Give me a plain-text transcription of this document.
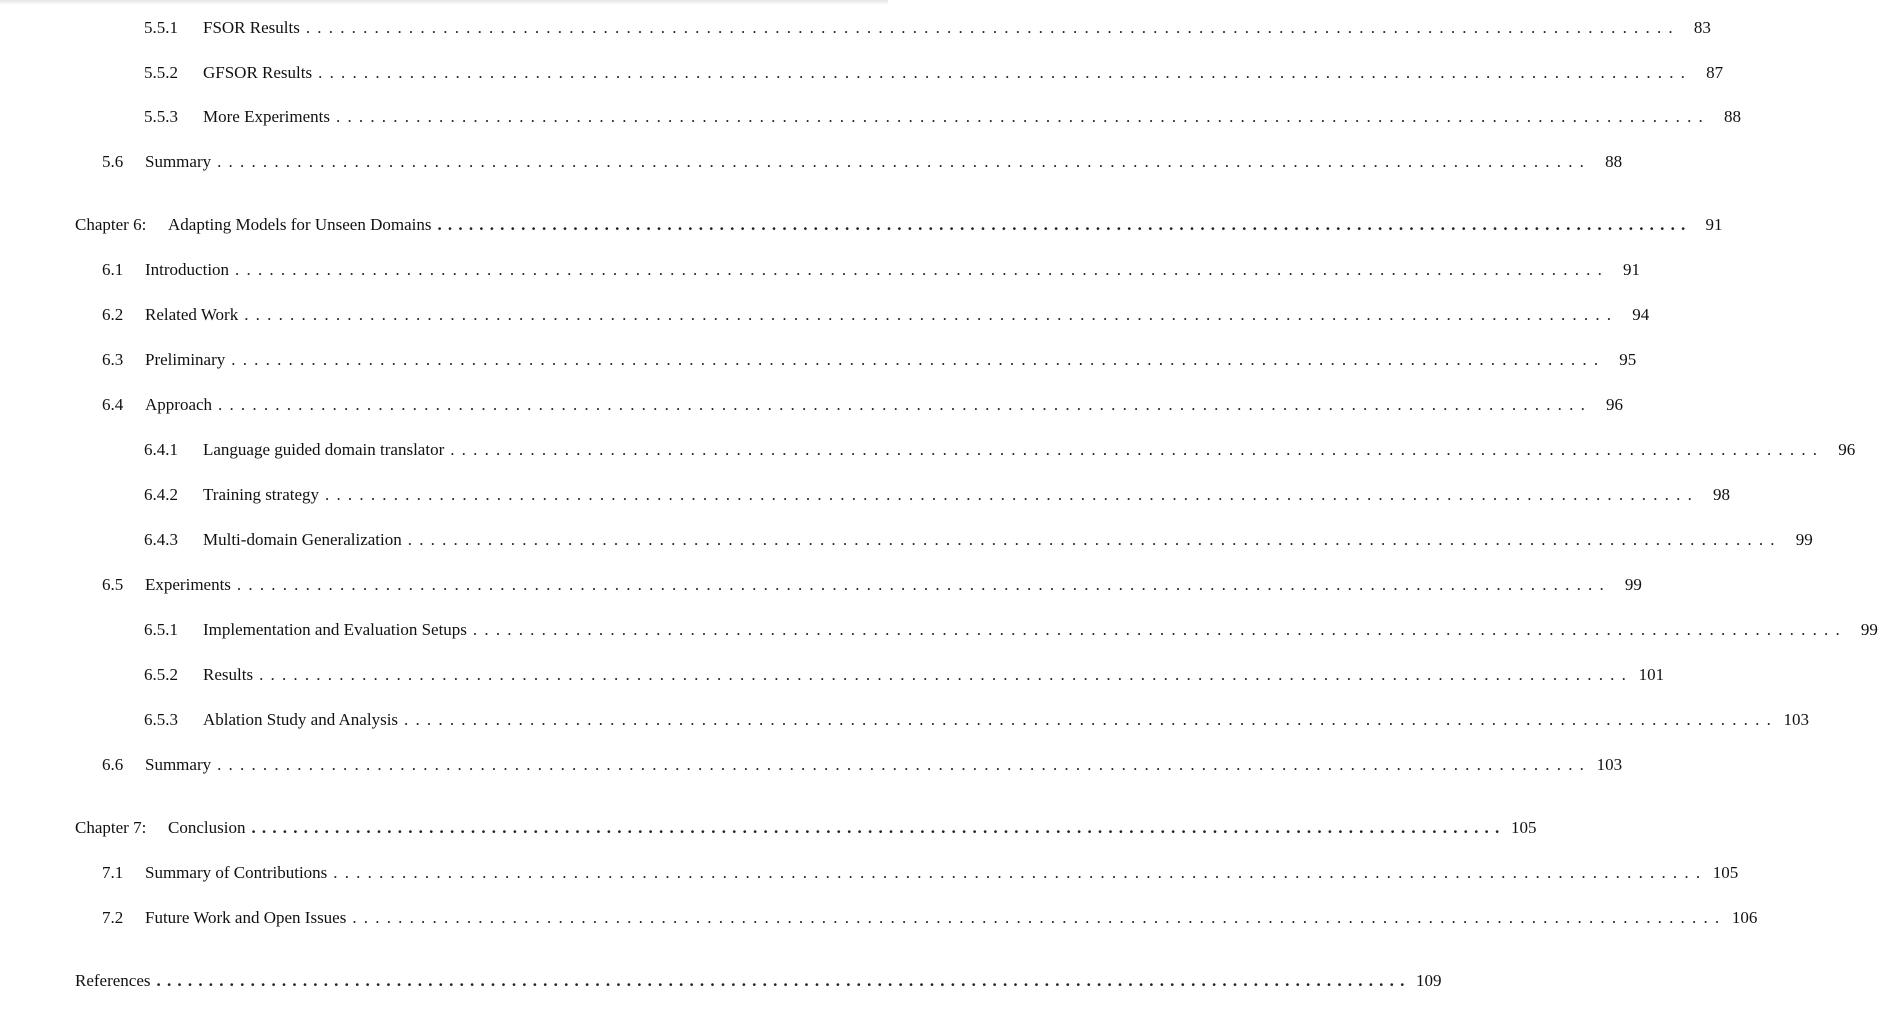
5.5.1	FSOR Results ........................................................................................................................ 83
5.5.2	GFSOR Results ........................................................................................................................ 87
5.5.3	More Experiments ........................................................................................................................ 88
5.6	Summary ........................................................................................................................ 88
Chapter 6:	Adapting Models for Unseen Domains ........................................................................................................................ 91
6.1	Introduction ........................................................................................................................ 91
6.2	Related Work ........................................................................................................................ 94
6.3	Preliminary ........................................................................................................................ 95
6.4	Approach ........................................................................................................................ 96
6.4.1	Language guided domain translator ........................................................................................................................ 96
6.4.2	Training strategy ........................................................................................................................ 98
6.4.3	Multi-domain Generalization ........................................................................................................................ 99
6.5	Experiments ........................................................................................................................ 99
6.5.1	Implementation and Evaluation Setups ........................................................................................................................ 99
6.5.2	Results ........................................................................................................................ 101
6.5.3	Ablation Study and Analysis ........................................................................................................................ 103
6.6	Summary ........................................................................................................................ 103
Chapter 7:	Conclusion ........................................................................................................................ 105
7.1	Summary of Contributions ........................................................................................................................ 105
7.2	Future Work and Open Issues ........................................................................................................................ 106
References ........................................................................................................................ 109
